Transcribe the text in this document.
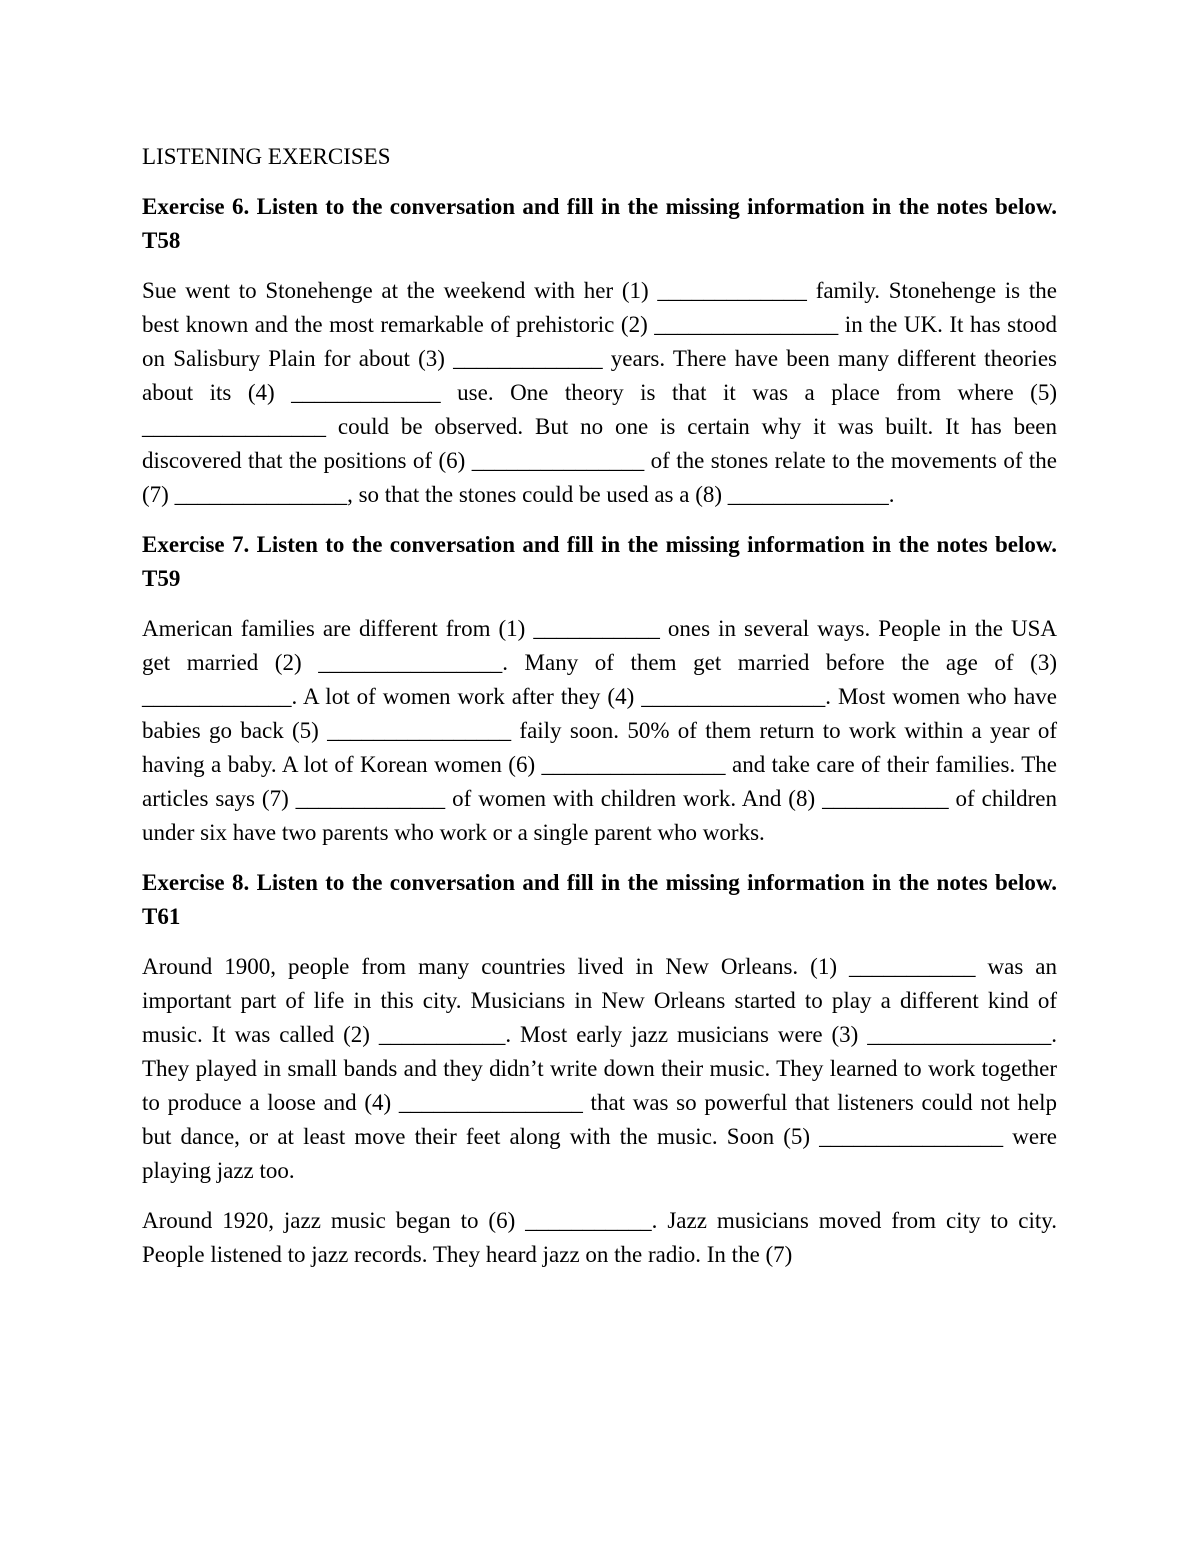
LISTENING EXERCISES
Exercise 6. Listen to the conversation and fill in the missing information in the notes below. T58
Sue went to Stonehenge at the weekend with her (1) _____________ family. Stonehenge is the best known and the most remarkable of prehistoric (2) ________________ in the UK. It has stood on Salisbury Plain for about (3) _____________ years. There have been many different theories about its (4) _____________ use. One theory is that it was a place from where (5) ________________ could be observed. But no one is certain why it was built. It has been discovered that the positions of (6) _______________ of the stones relate to the movements of the (7) _______________, so that the stones could be used as a (8) ______________.
Exercise 7. Listen to the conversation and fill in the missing information in the notes below. T59
American families are different from (1) ___________ ones in several ways. People in the USA get married (2) ________________. Many of them get married before the age of (3) _____________. A lot of women work after they (4) ________________. Most women who have babies go back (5) ________________ faily soon. 50% of them return to work within a year of having a baby. A lot of Korean women (6) ________________ and take care of their families. The articles says (7) _____________ of women with children work. And (8) ___________ of children under six have two parents who work or a single parent who works.
Exercise 8. Listen to the conversation and fill in the missing information in the notes below. T61
Around 1900, people from many countries lived in New Orleans. (1) ___________ was an important part of life in this city. Musicians in New Orleans started to play a different kind of music. It was called (2) ___________. Most early jazz musicians were (3) ________________. They played in small bands and they didn’t write down their music. They learned to work together to produce a loose and (4) ________________ that was so powerful that listeners could not help but dance, or at least move their feet along with the music. Soon (5) ________________ were playing jazz too.
Around 1920, jazz music began to (6) ___________. Jazz musicians moved from city to city. People listened to jazz records. They heard jazz on the radio. In the (7)
